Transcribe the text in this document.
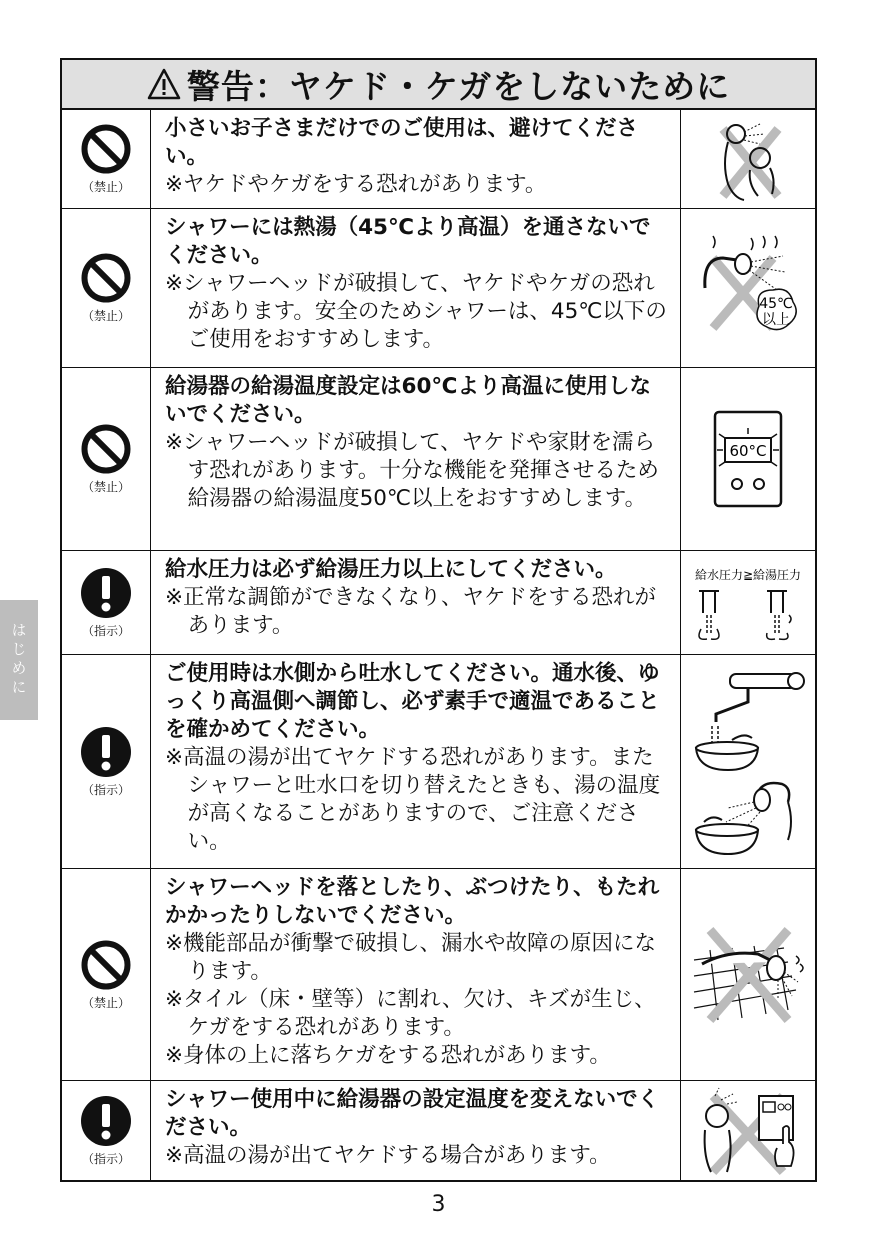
はじめに
警告：ヤケド・ケガをしないために
（禁止）
小さいお子さまだけでのご使用は、避けてください。
※ヤケドやケガをする恐れがあります。
（禁止）
シャワーには熱湯（45℃より高温）を通さないでください。
※シャワーヘッドが破損して、ヤケドやケガの恐れがあります。安全のためシャワーは、45℃以下のご使用をおすすめします。
45℃
以上
（禁止）
給湯器の給湯温度設定は60℃より高温に使用しないでください。
※シャワーヘッドが破損して、ヤケドや家財を濡らす恐れがあります。十分な機能を発揮させるため給湯器の給湯温度50℃以上をおすすめします。
60°C
（指示）
給水圧力は必ず給湯圧力以上にしてください。
※正常な調節ができなくなり、ヤケドをする恐れがあります。
給水圧力≧給湯圧力
（指示）
ご使用時は水側から吐水してください。通水後、ゆっくり高温側へ調節し、必ず素手で適温であることを確かめてください。
※高温の湯が出てヤケドする恐れがあります。またシャワーと吐水口を切り替えたときも、湯の温度が高くなることがありますので、ご注意ください。
（禁止）
シャワーヘッドを落としたり、ぶつけたり、もたれかかったりしないでください。
※機能部品が衝撃で破損し、漏水や故障の原因になります。
※タイル（床・壁等）に割れ、欠け、キズが生じ、ケガをする恐れがあります。
※身体の上に落ちケガをする恐れがあります。
（指示）
シャワー使用中に給湯器の設定温度を変えないでください。
※高温の湯が出てヤケドする場合があります。
3
